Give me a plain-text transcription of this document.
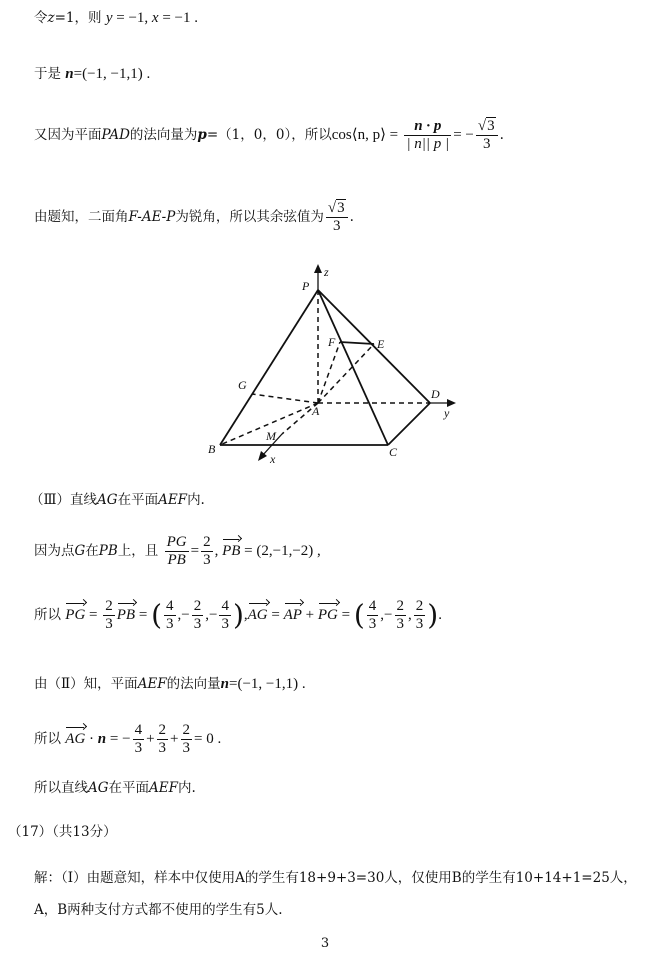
令z=1，则 y = −1, x = −1 .
于是 n=(−1, −1,1) .
又因为平面PAD的法向量为p=（1，0，0），所以cos⟨n, p⟩ = $\frac{n \cdot p}{| n|| p |}$ = − $\frac{√3}{3}$ .
由题知，二面角F-AE-P为锐角，所以其余弦值为 $\frac{√3}{3}$ .
P
z
F	E
G
A
D
y
M
B	C
x
（Ⅲ）直线AG在平面AEF内.
因为点G在PB上，且 $\frac{PG}{PB} = \frac{2}{3}$ , PB = (2,−1,−2) ,
所以 PG = $\frac{2}{3}$ PB = ( $\frac{4}{3}$ ,− $\frac{2}{3}$ ,− $\frac{4}{3} ),AG$ = AP + PG = ( $\frac{4}{3}$ ,− $\frac{2}{3}$ , $\frac{2}{3}$ ).
由（Ⅱ）知，平面AEF的法向量n=(−1, −1,1) .
所以 AG · n = − $\frac{4}{3} + \frac{2}{3} + \frac{2}{3} = 0$ .
所以直线AG在平面AEF内.
（17）（共13分）
解：（Ⅰ）由题意知，样本中仅使用A的学生有18+9+3=30人，仅使用B的学生有10+14+1=25人，
A，B两种支付方式都不使用的学生有5人.
3
